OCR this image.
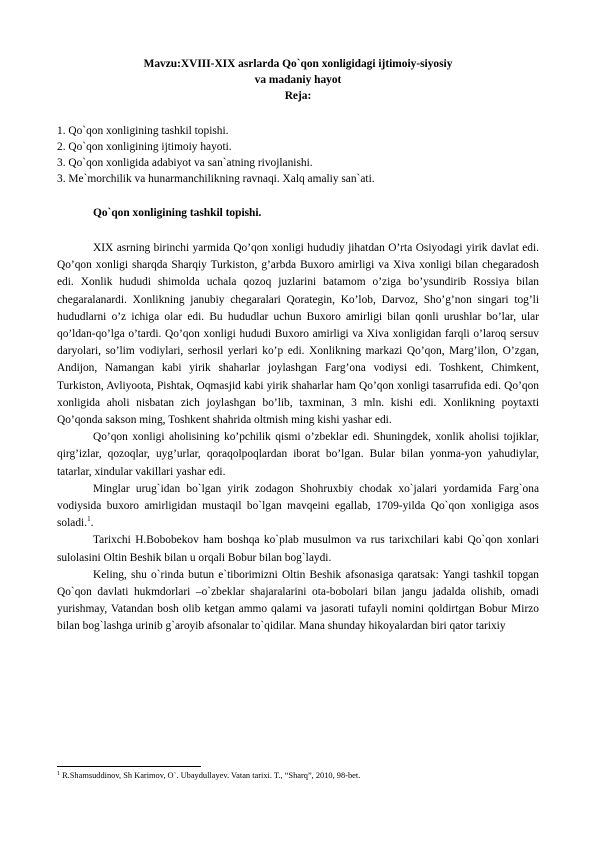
Mavzu:XVIII-XIX asrlarda Qo`qon xonligidagi ijtimoiy-siyosiy
va madaniy hayot
Reja:

1. Qo`qon xonligining tashkil topishi.
2. Qo`qon xonligining ijtimoiy hayoti.
3. Qo`qon xonligida adabiyot va san`atning rivojlanishi.
3. Me`morchilik va hunarmanchilikning ravnaqi. Xalq amaliy san`ati.
Qo`qon xonligining tashkil topishi.

XIX asrning birinchi yarmida Qo’qon xonligi hududiy jihatdan O’rta Osiyodagi yirik davlat edi. Qo’qon xonligi sharqda Sharqiy Turkiston, g’arbda Buxoro amirligi va Xiva xonligi bilan chegaradosh edi. Xonlik hududi shimolda uchala qozoq juzlarini batamom o’ziga bo’ysundirib Rossiya bilan chegaralanardi. Xonlikning janubiy chegaralari Qorategin, Ko’lob, Darvoz, Sho’g’non singari tog’li hududlarni o’z ichiga olar edi. Bu hududlar uchun Buxoro amirligi bilan qonli urushlar bo’lar, ular qo’ldan-qo’lga o’tardi. Qo’qon xonligi hududi Buxoro amirligi va Xiva xonligidan farqli o’laroq sersuv daryolari, so’lim vodiylari, serhosil yerlari ko’p edi. Xonlikning markazi Qo’qon, Marg’ilon, O’zgan, Andijon, Namangan kabi yirik shaharlar joylashgan Farg’ona vodiysi edi. Toshkent, Chimkent, Turkiston, Avliyoota, Pishtak, Oqmasjid kabi yirik shaharlar ham Qo’qon xonligi tasarrufida edi. Qo’qon xonligida aholi nisbatan zich joylashgan bo’lib, taxminan, 3 mln. kishi edi. Xonlikning poytaxti Qo’qonda sakson ming, Toshkent shahrida oltmish ming kishi yashar edi.

Qo’qon xonligi aholisining ko’pchilik qismi o’zbeklar edi. Shuningdek, xonlik aholisi tojiklar, qirg’izlar, qozoqlar, uyg’urlar, qoraqolpoqlardan iborat bo’lgan. Bular bilan yonma-yon yahudiylar, tatarlar, xindular vakillari yashar edi.

Minglar urug`idan bo`lgan yirik zodagon Shohruxbiy chodak xo`jalari yordamida Farg`ona vodiysida buxoro amirligidan mustaqil bo`lgan mavqeini egallab, 1709-yilda Qo`qon xonligiga asos soladi.$^1$.

Tarixchi H.Bobobekov ham boshqa ko`plab musulmon va rus tarixchilari kabi Qo`qon xonlari sulolasini Oltin Beshik bilan u orqali Bobur bilan bog`laydi.

Keling, shu o`rinda butun e`tiborimizni Oltin Beshik afsonasiga qaratsak: Yangi tashkil topgan Qo`qon davlati hukmdorlari –o`zbeklar shajaralarini ota-bobolari bilan jangu jadalda olishib, omadi yurishmay, Vatandan bosh olib ketgan ammo qalami va jasorati tufayli nomini qoldirtgan Bobur Mirzo bilan bog`lashga urinib g`aroyib afsonalar to`qidilar. Mana shunday hikoyalardan biri qator tarixiy

$^1$ R.Shamsuddinov, Sh Karimov, O`. Ubaydullayev. Vatan tarixi. T., “Sharq”, 2010, 98-bet.
